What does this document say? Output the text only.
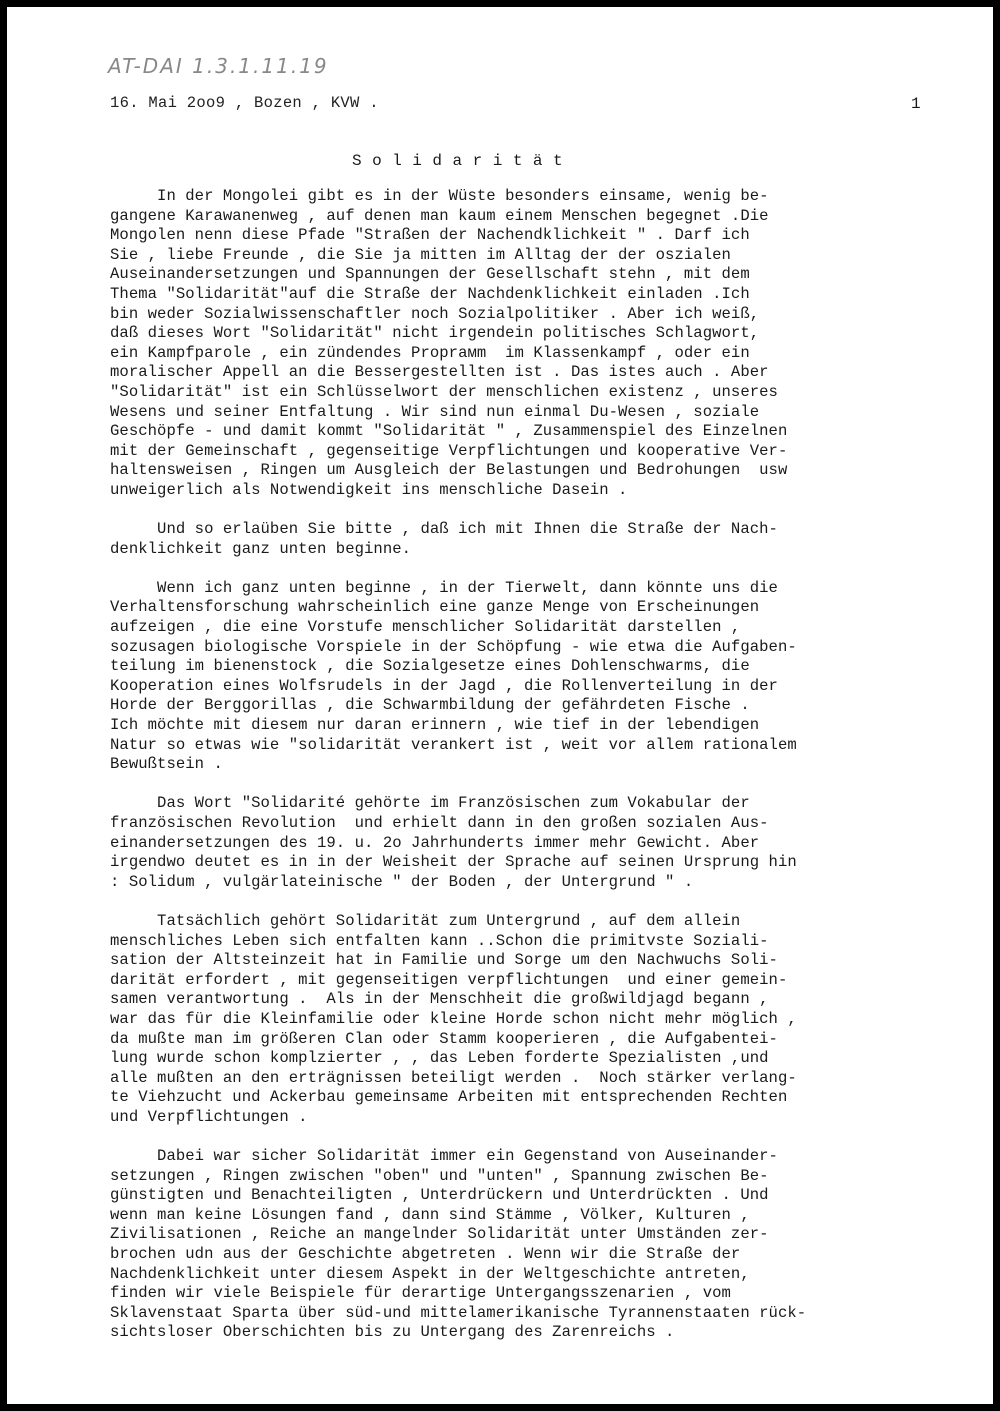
AT-DAI 1.3.1.11.19
16. Mai 2oo9 , Bozen , KVW .	1
Solidarität
In der Mongolei gibt es in der Wüste besonders einsame, wenig be-
gangene Karawanenweg , auf denen man kaum einem Menschen begegnet .Die
Mongolen nenn diese Pfade "Straßen der Nachendklichkeit " . Darf ich
Sie , liebe Freunde , die Sie ja mitten im Alltag der der oszialen
Auseinandersetzungen und Spannungen der Gesellschaft stehn , mit dem
Thema "Solidarität"auf die Straße der Nachdenklichkeit einladen .Ich
bin weder Sozialwissenschaftler noch Sozialpolitiker . Aber ich weiß,
daß dieses Wort "Solidarität" nicht irgendein politisches Schlagwort,
ein Kampfparole , ein zündendes Proprамm  im Klassenkampf , oder ein
moralischer Appell an die Bessergestellten ist . Das istes auch . Aber
"Solidarität" ist ein Schlüsselwort der menschlichen existenz , unseres
Wesens und seiner Entfaltung . Wir sind nun einmal Du-Wesen , soziale
Geschöpfe - und damit kommt "Solidarität " , Zusammenspiel des Einzelnen
mit der Gemeinschaft , gegenseitige Verpflichtungen und kooperative Ver-
haltensweisen , Ringen um Ausgleich der Belastungen und Bedrohungen  usw
unweigerlich als Notwendigkeit ins menschliche Dasein .
Und so erlaüben Sie bitte , daß ich mit Ihnen die Straße der Nach-
denklichkeit ganz unten beginne.
Wenn ich ganz unten beginne , in der Tierwelt, dann könnte uns die
Verhaltensforschung wahrscheinlich eine ganze Menge von Erscheinungen
aufzeigen , die eine Vorstufe menschlicher Solidarität darstellen ,
sozusagen biologische Vorspiele in der Schöpfung - wie etwa die Aufgaben-
teilung im bienenstock , die Sozialgesetze eines Dohlenschwarms, die
Kooperation eines Wolfsrudels in der Jagd , die Rollenverteilung in der
Horde der Berggorillas , die Schwarmbildung der gefährdeten Fische .
Ich möchte mit diesem nur daran erinnern , wie tief in der lebendigen
Natur so etwas wie "solidarität verankert ist , weit vor allem rationalem
Bewußtsein .
Das Wort "Solidarité gehörte im Französischen zum Vokabular der
französischen Revolution  und erhielt dann in den großen sozialen Aus-
einandersetzungen des 19. u. 2o Jahrhunderts immer mehr Gewicht. Aber
irgendwo deutet es in in der Weisheit der Sprache auf seinen Ursprung hin
: Solidum , vulgärlateinische " der Boden , der Untergrund " .
Tatsächlich gehört Solidarität zum Untergrund , auf dem allein
menschliches Leben sich entfalten kann ..Schon die primitvste Soziali-
sation der Altsteinzeit hat in Familie und Sorge um den Nachwuchs Soli-
darität erfordert , mit gegenseitigen verpflichtungen  und einer gemein-
samen verantwortung .  Als in der Menschheit die großwildjagd begann ,
war das für die Kleinfamilie oder kleine Horde schon nicht mehr möglich ,
da mußte man im größeren Clan oder Stamm kooperieren , die Aufgabentei-
lung wurde schon komplzierter , , das Leben forderte Spezialisten ,und
alle mußten an den erträgnissen beteiligt werden .  Noch stärker verlang-
te Viehzucht und Ackerbau gemeinsame Arbeiten mit entsprechenden Rechten
und Verpflichtungen .
Dabei war sicher Solidarität immer ein Gegenstand von Auseinander-
setzungen , Ringen zwischen "oben" und "unten" , Spannung zwischen Be-
günstigten und Benachteiligten , Unterdrückern und Unterdrückten . Und
wenn man keine Lösungen fand , dann sind Stämme , Völker, Kulturen ,
Zivilisationen , Reiche an mangelnder Solidarität unter Umständen zer-
brochen udn aus der Geschichte abgetreten . Wenn wir die Straße der
Nachdenklichkeit unter diesem Aspekt in der Weltgeschichte antreten,
finden wir viele Beispiele für derartige Untergangsszenarien , vom
Sklavenstaat Sparta über süd-und mittelamerikanische Tyrannenstaaten rück-
sichtsloser Oberschichten bis zu Untergang des Zarenreichs .
